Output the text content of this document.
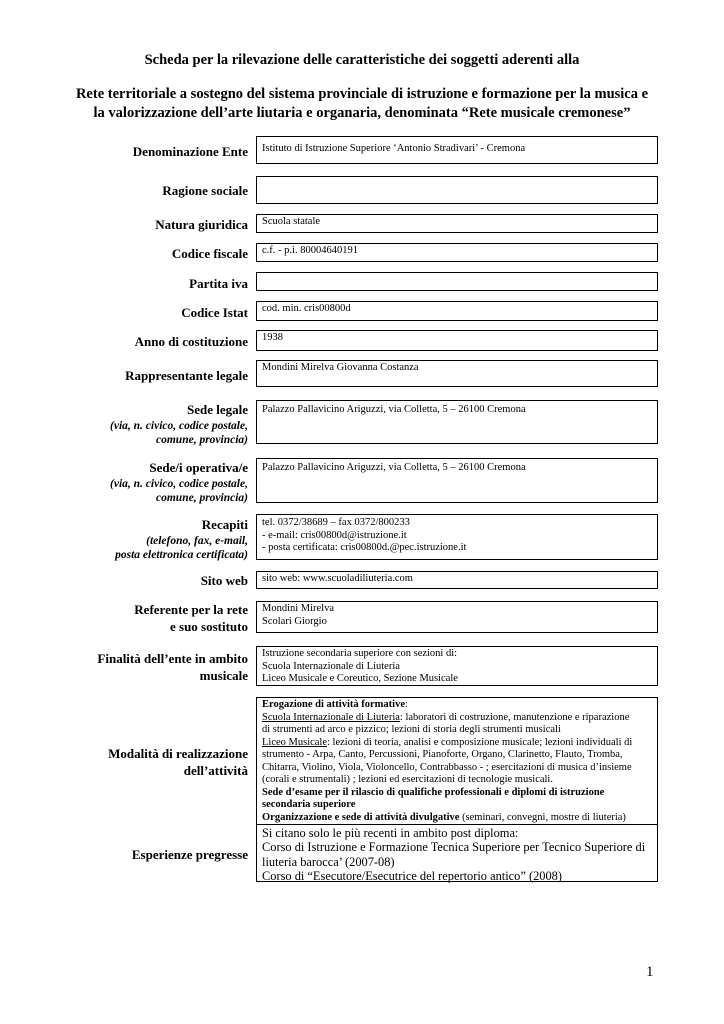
Scheda per la rilevazione delle caratteristiche dei soggetti aderenti alla
Rete territoriale a sostegno del sistema provinciale di istruzione e formazione per la musica e
la valorizzazione dell’arte liutaria e organaria, denominata “Rete musicale cremonese”
Denominazione Ente Istituto di Istruzione Superiore ‘Antonio Stradivari’ - Cremona
Ragione sociale
Natura giuridica Scuola statale
Codice fiscale c.f. - p.i. 80004640191
Partita iva
Codice Istat cod. min. cris00800d
Anno di costituzione 1938
Rappresentante legale
Mondini Mirelva Giovanna Costanza
Sede legale
(via, n. civico, codice postale,
comune, provincia)
Palazzo Pallavicino Ariguzzi, via Colletta, 5 – 26100 Cremona
Sede/i operativa/e
(via, n. civico, codice postale,
comune, provincia)
Palazzo Pallavicino Ariguzzi, via Colletta, 5 – 26100 Cremona
Recapiti
(telefono, fax, e-mail,
posta elettronica certificata)
tel. 0372/38689 – fax 0372/800233
- e-mail: cris00800d@istruzione.it
- posta certificata: cris00800d.@pec.istruzione.it
Sito web sito web: www.scuoladiliuteria.com
Referente per la rete
e suo sostituto
Mondini Mirelva
Scolari Giorgio
Finalità dell’ente in ambito
musicale
Istruzione secondaria superiore con sezioni di:
Scuola Internazionale di Liuteria
Liceo Musicale e Coreutico, Sezione Musicale
Modalità di realizzazione
dell’attività
Erogazione di attività formative:
Scuola Internazionale di Liuteria: laboratori di costruzione, manutenzione e riparazione
di strumenti ad arco e pizzico; lezioni di storia degli strumenti musicali
Liceo Musicale: lezioni di teoria, analisi e composizione musicale; lezioni individuali di
strumento - Arpa, Canto, Percussioni, Pianoforte, Organo, Clarinetto, Flauto, Tromba,
Chitarra, Violino, Viola, Violoncello, Contrabbasso - ; esercitazioni di musica d’insieme
(corali e strumentali) ; lezioni ed esercitazioni di tecnologie musicali.
Sede d’esame per il rilascio di qualifiche professionali e diplomi di istruzione
secondaria superiore
Organizzazione e sede di attività divulgative (seminari, convegni, mostre di liuteria)
Esperienze pregresse
Si citano solo le più recenti in ambito post diploma:
Corso di Istruzione e Formazione Tecnica Superiore per Tecnico Superiore di
liuteria barocca’ (2007-08)
Corso di “Esecutore/Esecutrice del repertorio antico” (2008)
1
